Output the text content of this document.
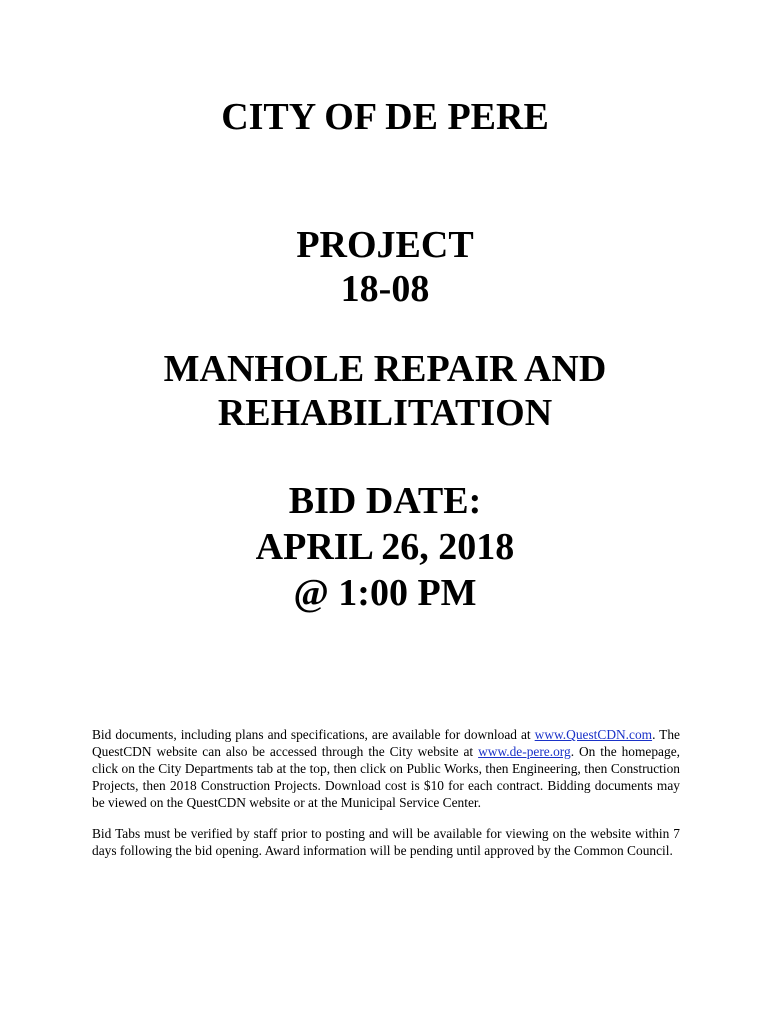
CITY OF DE PERE
PROJECT
18-08
MANHOLE REPAIR AND
REHABILITATION
BID DATE:
APRIL 26, 2018
@ 1:00 PM

Bid documents, including plans and specifications, are available for download at www.QuestCDN.com. The QuestCDN website can also be accessed through the City website at www.de-pere.org. On the homepage, click on the City Departments tab at the top, then click on Public Works, then Engineering, then Construction Projects, then 2018 Construction Projects. Download cost is $10 for each contract. Bidding documents may be viewed on the QuestCDN website or at the Municipal Service Center.

Bid Tabs must be verified by staff prior to posting and will be available for viewing on the website within 7 days following the bid opening. Award information will be pending until approved by the Common Council.
